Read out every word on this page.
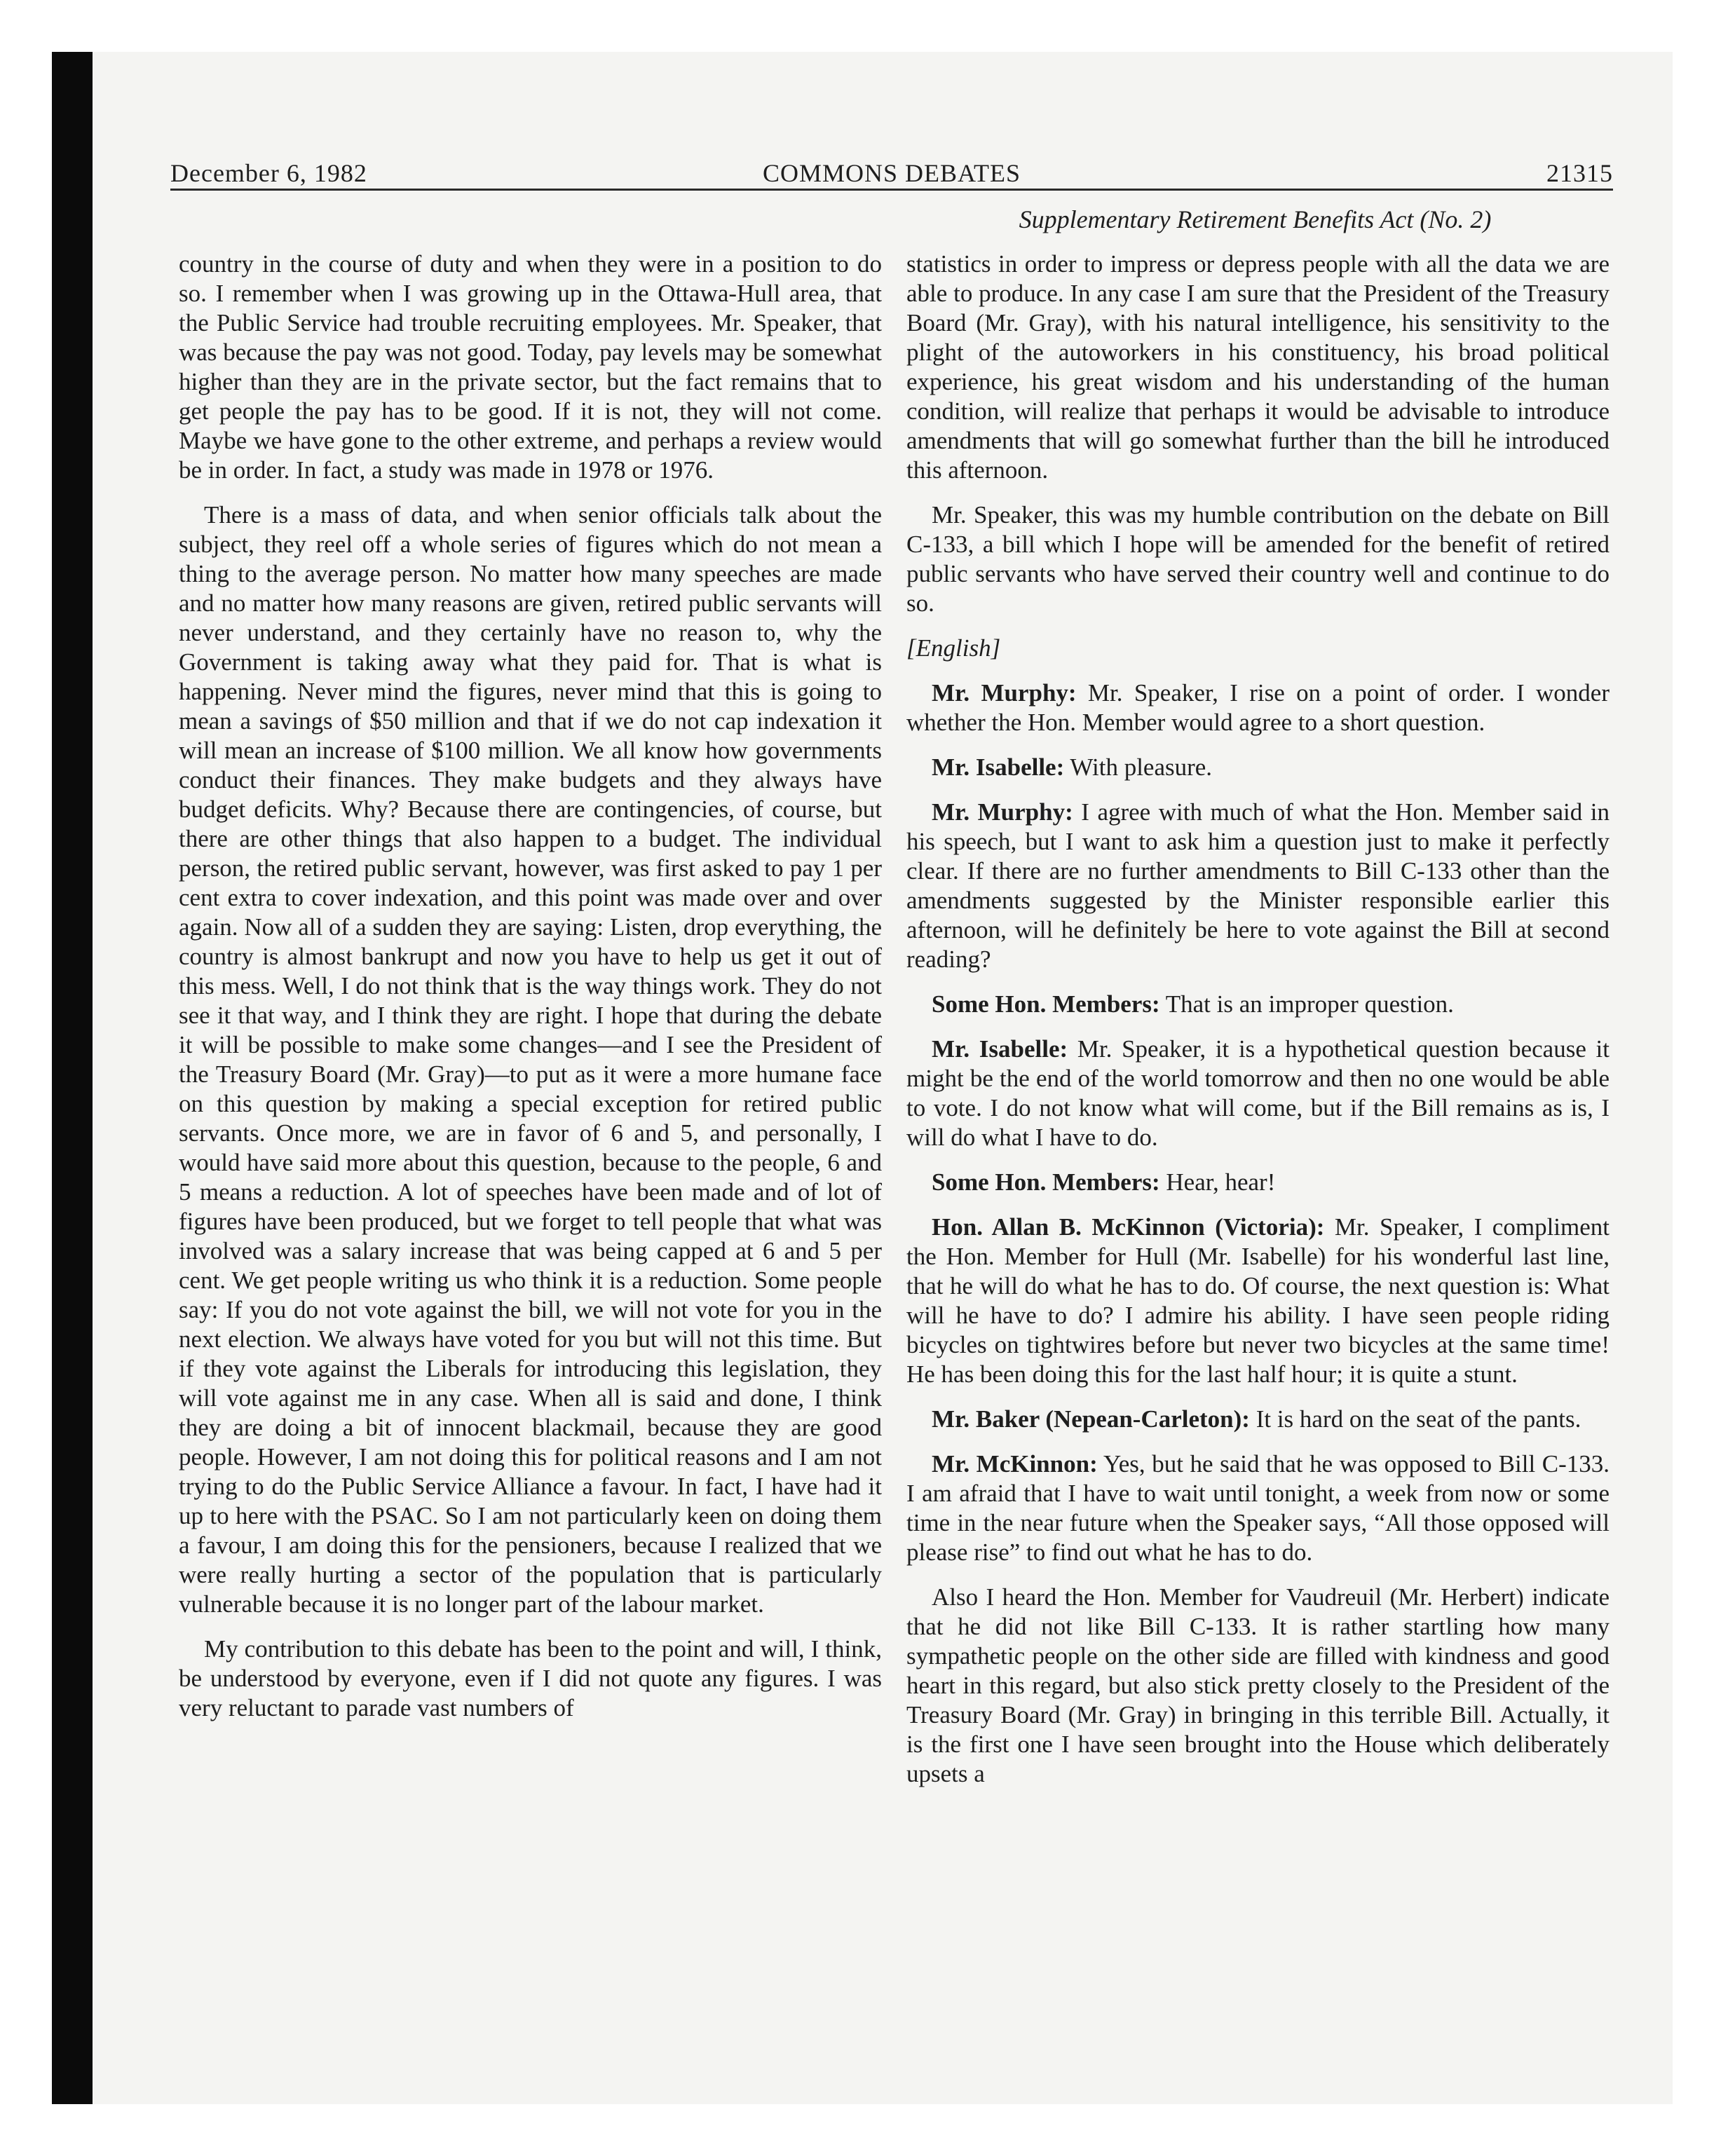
December 6, 1982	COMMONS DEBATES	21315
Supplementary Retirement Benefits Act (No. 2)

country in the course of duty and when they were in a position to do so. I remember when I was growing up in the Ottawa-Hull area, that the Public Service had trouble recruiting employees. Mr. Speaker, that was because the pay was not good. Today, pay levels may be somewhat higher than they are in the private sector, but the fact remains that to get people the pay has to be good. If it is not, they will not come. Maybe we have gone to the other extreme, and perhaps a review would be in order. In fact, a study was made in 1978 or 1976.

There is a mass of data, and when senior officials talk about the subject, they reel off a whole series of figures which do not mean a thing to the average person. No matter how many speeches are made and no matter how many reasons are given, retired public servants will never understand, and they certainly have no reason to, why the Government is taking away what they paid for. That is what is happening. Never mind the figures, never mind that this is going to mean a savings of $50 million and that if we do not cap indexation it will mean an increase of $100 million. We all know how governments conduct their finances. They make budgets and they always have budget deficits. Why? Because there are contingencies, of course, but there are other things that also happen to a budget. The individual person, the retired public servant, however, was first asked to pay 1 per cent extra to cover indexation, and this point was made over and over again. Now all of a sudden they are saying: Listen, drop everything, the country is almost bankrupt and now you have to help us get it out of this mess. Well, I do not think that is the way things work. They do not see it that way, and I think they are right. I hope that during the debate it will be possible to make some changes—and I see the President of the Treasury Board (Mr. Gray)—to put as it were a more humane face on this question by making a special exception for retired public servants. Once more, we are in favor of 6 and 5, and personally, I would have said more about this question, because to the people, 6 and 5 means a reduction. A lot of speeches have been made and of lot of figures have been produced, but we forget to tell people that what was involved was a salary increase that was being capped at 6 and 5 per cent. We get people writing us who think it is a reduction. Some people say: If you do not vote against the bill, we will not vote for you in the next election. We always have voted for you but will not this time. But if they vote against the Liberals for introducing this legislation, they will vote against me in any case. When all is said and done, I think they are doing a bit of innocent blackmail, because they are good people. However, I am not doing this for political reasons and I am not trying to do the Public Service Alliance a favour. In fact, I have had it up to here with the PSAC. So I am not particularly keen on doing them a favour, I am doing this for the pensioners, because I realized that we were really hurting a sector of the population that is particularly vulnerable because it is no longer part of the labour market.

My contribution to this debate has been to the point and will, I think, be understood by everyone, even if I did not quote any figures. I was very reluctant to parade vast numbers of

statistics in order to impress or depress people with all the data we are able to produce. In any case I am sure that the President of the Treasury Board (Mr. Gray), with his natural intelligence, his sensitivity to the plight of the autoworkers in his constituency, his broad political experience, his great wisdom and his understanding of the human condition, will realize that perhaps it would be advisable to introduce amendments that will go somewhat further than the bill he introduced this afternoon.

Mr. Speaker, this was my humble contribution on the debate on Bill C-133, a bill which I hope will be amended for the benefit of retired public servants who have served their country well and continue to do so.

[English]

Mr. Murphy: Mr. Speaker, I rise on a point of order. I wonder whether the Hon. Member would agree to a short question.

Mr. Isabelle: With pleasure.

Mr. Murphy: I agree with much of what the Hon. Member said in his speech, but I want to ask him a question just to make it perfectly clear. If there are no further amendments to Bill C-133 other than the amendments suggested by the Minister responsible earlier this afternoon, will he definitely be here to vote against the Bill at second reading?

Some Hon. Members: That is an improper question.

Mr. Isabelle: Mr. Speaker, it is a hypothetical question because it might be the end of the world tomorrow and then no one would be able to vote. I do not know what will come, but if the Bill remains as is, I will do what I have to do.

Some Hon. Members: Hear, hear!

Hon. Allan B. McKinnon (Victoria): Mr. Speaker, I compliment the Hon. Member for Hull (Mr. Isabelle) for his wonderful last line, that he will do what he has to do. Of course, the next question is: What will he have to do? I admire his ability. I have seen people riding bicycles on tightwires before but never two bicycles at the same time! He has been doing this for the last half hour; it is quite a stunt.

Mr. Baker (Nepean-Carleton): It is hard on the seat of the pants.

Mr. McKinnon: Yes, but he said that he was opposed to Bill C-133. I am afraid that I have to wait until tonight, a week from now or some time in the near future when the Speaker says, “All those opposed will please rise” to find out what he has to do.

Also I heard the Hon. Member for Vaudreuil (Mr. Herbert) indicate that he did not like Bill C-133. It is rather startling how many sympathetic people on the other side are filled with kindness and good heart in this regard, but also stick pretty closely to the President of the Treasury Board (Mr. Gray) in bringing in this terrible Bill. Actually, it is the first one I have seen brought into the House which deliberately upsets a
